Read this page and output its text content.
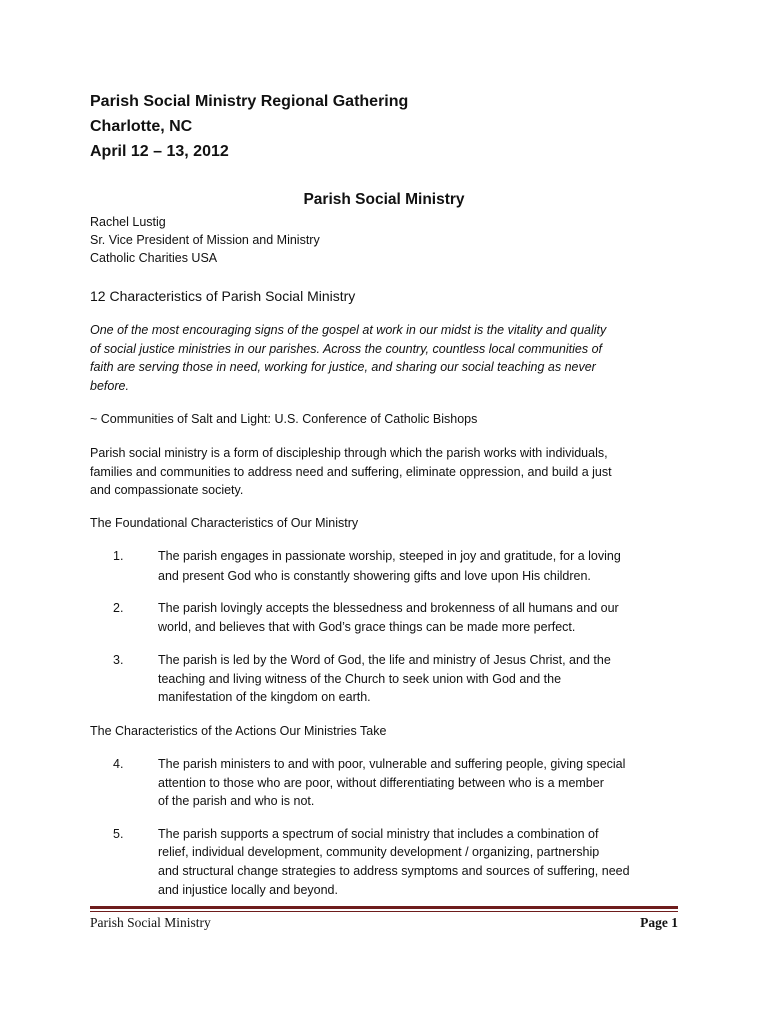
Parish Social Ministry Regional Gathering
Charlotte, NC
April 12 – 13, 2012
Parish Social Ministry
Rachel Lustig
Sr. Vice President of Mission and Ministry
Catholic Charities USA
12 Characteristics of Parish Social Ministry
One of the most encouraging signs of the gospel at work in our midst is the vitality and quality
of social justice ministries in our parishes. Across the country, countless local communities of
faith are serving those in need, working for justice, and sharing our social teaching as never
before.
~ Communities of Salt and Light: U.S. Conference of Catholic Bishops
Parish social ministry is a form of discipleship through which the parish works with individuals,
families and communities to address need and suffering, eliminate oppression, and build a just
and compassionate society.
The Foundational Characteristics of Our Ministry
1.	The parish engages in passionate worship, steeped in joy and gratitude, for a loving
and present God who is constantly showering gifts and love upon His children.
2.	The parish lovingly accepts the blessedness and brokenness of all humans and our
world, and believes that with God’s grace things can be made more perfect.
3.	The parish is led by the Word of God, the life and ministry of Jesus Christ, and the
teaching and living witness of the Church to seek union with God and the
manifestation of the kingdom on earth.
The Characteristics of the Actions Our Ministries Take
4.	The parish ministers to and with poor, vulnerable and suffering people, giving special
attention to those who are poor, without differentiating between who is a member
of the parish and who is not.
5.	The parish supports a spectrum of social ministry that includes a combination of
relief, individual development, community development / organizing, partnership
and structural change strategies to address symptoms and sources of suffering, need
and injustice locally and beyond.
Parish Social Ministry	Page 1
